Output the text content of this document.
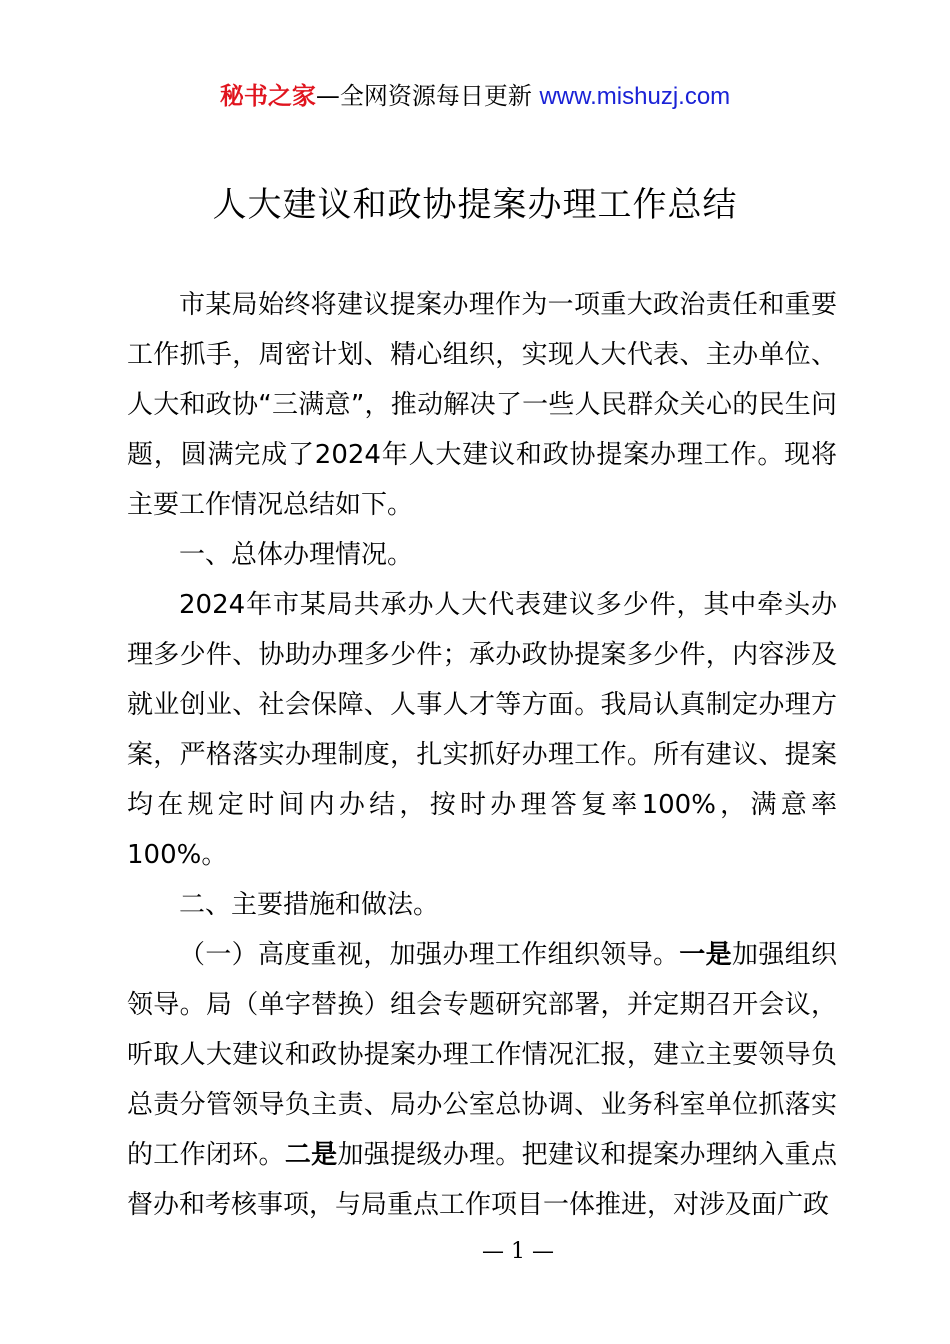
秘书之家—全网资源每日更新 www.mishuzj.com
人大建议和政协提案办理工作总结

市某局始终将建议提案办理作为一项重大政治责任和重要工作抓手，周密计划、精心组织，实现人大代表、主办单位、人大和政协“三满意”，推动解决了一些人民群众关心的民生问题，圆满完成了2024年人大建议和政协提案办理工作。现将主要工作情况总结如下。

一、总体办理情况。

2024年市某局共承办人大代表建议多少件，其中牵头办理多少件、协助办理多少件；承办政协提案多少件，内容涉及就业创业、社会保障、人事人才等方面。我局认真制定办理方案，严格落实办理制度，扎实抓好办理工作。所有建议、提案均在规定时间内办结，按时办理答复率100%，满意率100%。

二、主要措施和做法。

（一）高度重视，加强办理工作组织领导。一是加强组织领导。局（单字替换）组会专题研究部署，并定期召开会议，听取人大建议和政协提案办理工作情况汇报，建立主要领导负总责分管领导负主责、局办公室总协调、业务科室单位抓落实的工作闭环。二是加强提级办理。把建议和提案办理纳入重点督办和考核事项，与局重点工作项目一体推进，对涉及面广政

— 1 —
